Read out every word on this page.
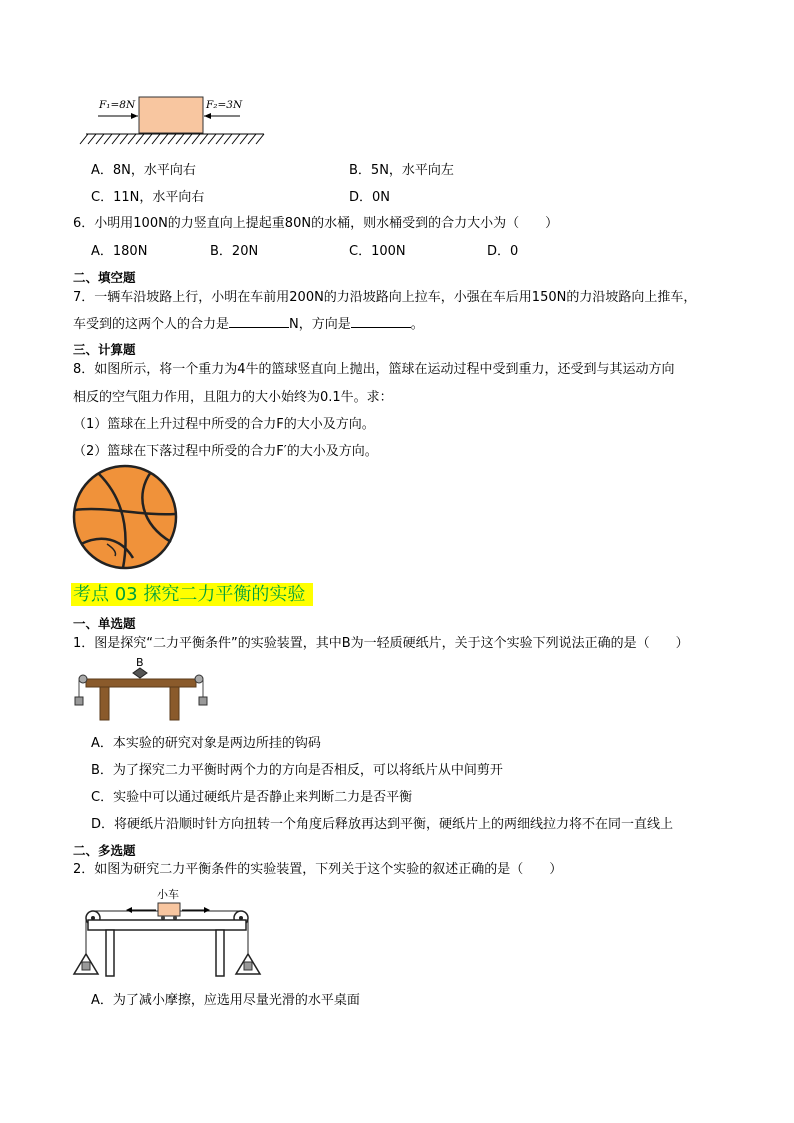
F₁=8N	F₂=3N
A．8N，水平向右	B．5N，水平向左
C．11N，水平向右	D．0N
6．小明用100N的力竖直向上提起重80N的水桶，则水桶受到的合力大小为（　　）
A．180N	B．20N	C．100N	D．0
二、填空题
7．一辆车沿坡路上行，小明在车前用200N的力沿坡路向上拉车，小强在车后用150N的力沿坡路向上推车，
车受到的这两个人的合力是	N，方向是	。
三、计算题
8．如图所示，将一个重力为4牛的篮球竖直向上抛出，篮球在运动过程中受到重力，还受到与其运动方向
相反的空气阻力作用，且阻力的大小始终为0.1牛。求：
（1）篮球在上升过程中所受的合力F的大小及方向。
（2）篮球在下落过程中所受的合力F′的大小及方向。
考点 03 探究二力平衡的实验
一、单选题
1．图是探究“二力平衡条件”的实验装置，其中B为一轻质硬纸片，关于这个实验下列说法正确的是（　　）
B
A．本实验的研究对象是两边所挂的钩码
B．为了探究二力平衡时两个力的方向是否相反，可以将纸片从中间剪开
C．实验中可以通过硬纸片是否静止来判断二力是否平衡
D．将硬纸片沿顺时针方向扭转一个角度后释放再达到平衡，硬纸片上的两细线拉力将不在同一直线上
二、多选题
2．如图为研究二力平衡条件的实验装置，下列关于这个实验的叙述正确的是（　　）
小车
A．为了减小摩擦，应选用尽量光滑的水平桌面
